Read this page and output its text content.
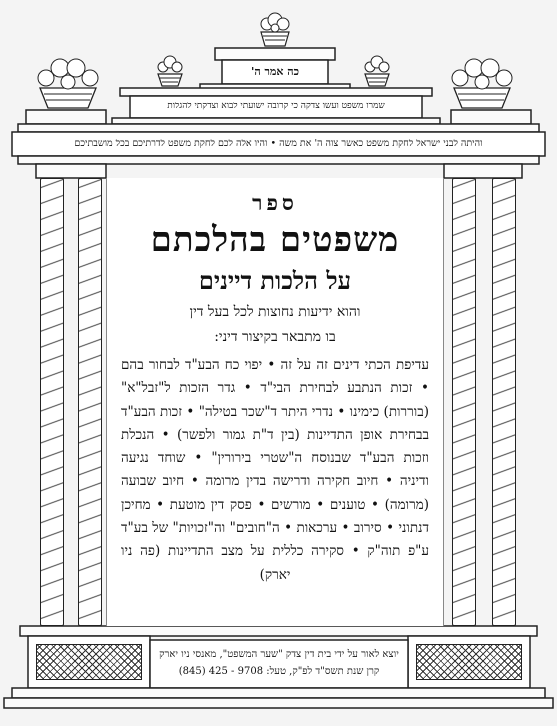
כה אמר ה'
שמרו משפט ועשו צדקה כי קרובה ישועתי לבוא וצדקתי להגלות
והיתה לבני ישראל לחקת משפט כאשר צוה ה' את משה • והיו אלה לכם לחקת משפט לדרתיכם בכל מושבתיכם
ספר
משפטים בהלכתם
על הלכות דיינים
והוא ידיעות נחוצות לכל בעל דין
בו מתבאר בקיצור דיני:
עדיפת הכתי דינים זה על זה • יפוי כח הבע"ד לבחור בהם • זכות הנתבע לבחירת הבי"ד • גדר הזכות ל"זבל"א" (בוררות) כימינו • נדרי היתר ד"שכר בטילה" • זכות הבע"ד בבחירת אופן התדיינות (בין ד"ת גמור ולפשר) • הנכלת וזכות הבע"ד שבנוסח ה"שטרי בירורין" • שוחד נגיעה ודיניה • חיוב חקירה ודרישה בדין מרומה • חיוב שבועה (מרומה) • טוענים • מורשים • פסק דין מוטעת • מחיכן דנתוני • סירוב • ערכאות • ה"חובים" וה"זכויות" של בע"ד ע"פ תוה"ק • סקירה כללית על מצב התדיינות (פה ניו יארק)
יוצא לאור על ידי בית דין צדק "שער המשפט", מאנסי ניו יארק
קרן שנת תשס"ד לפ"ק, טעל: 9708 - 425 (845)
